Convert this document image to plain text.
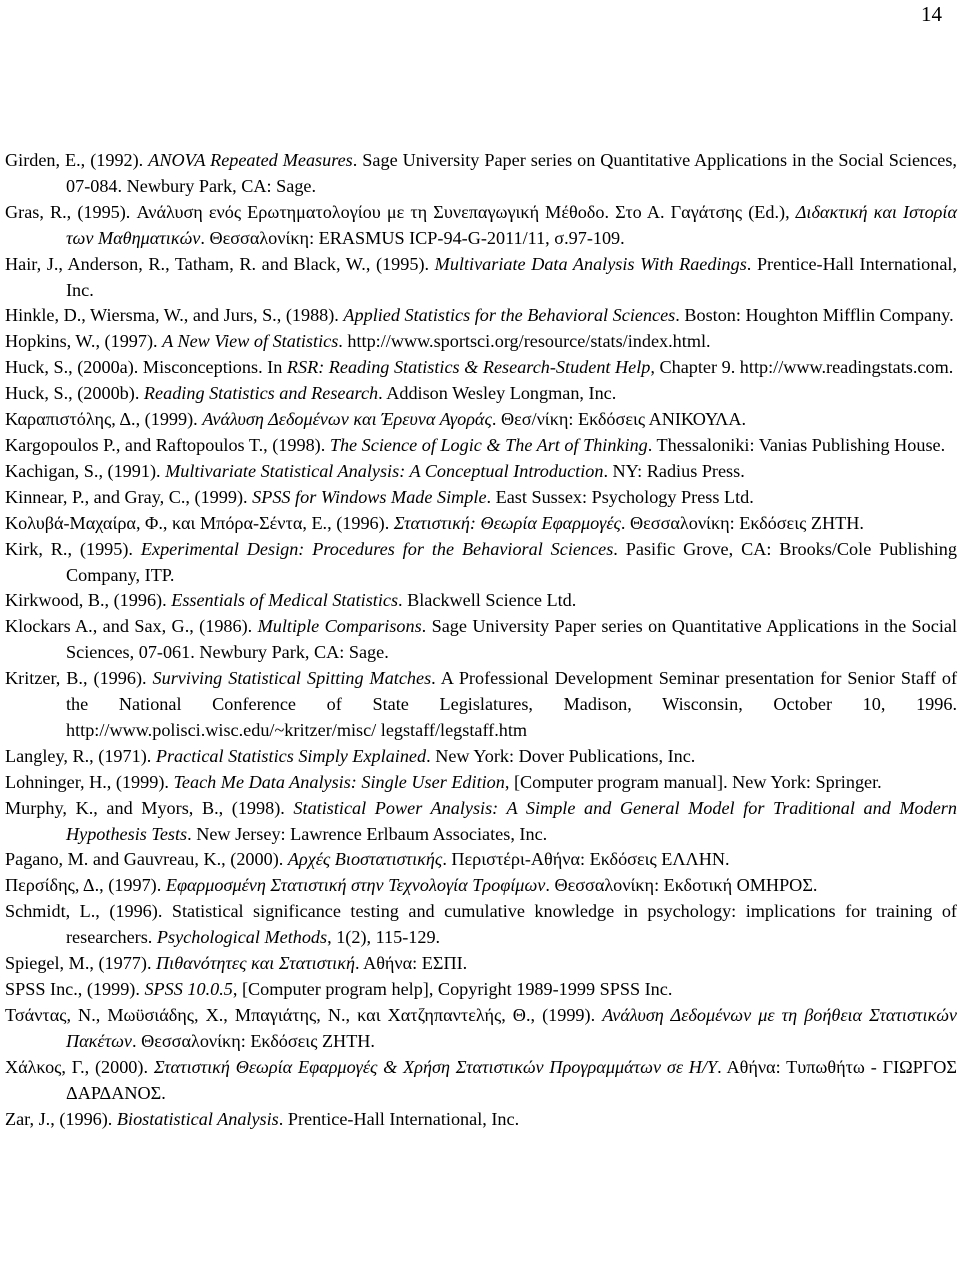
14

Girden, E., (1992). ANOVA Repeated Measures. Sage University Paper series on Quantitative Applications in the Social Sciences, 07-084. Newbury Park, CA: Sage.

Gras, R., (1995). Ανάλυση ενός Ερωτηματολογίου με τη Συνεπαγωγική Μέθοδο. Στο Α. Γαγάτσης (Ed.), Διδακτική και Ιστορία των Μαθηματικών. Θεσσαλονίκη: ERASMUS ICP-94-G-2011/11, σ.97-109.

Hair, J., Anderson, R., Tatham, R. and Black, W., (1995). Multivariate Data Analysis With Raedings. Prentice-Hall International, Inc.

Hinkle, D., Wiersma, W., and Jurs, S., (1988). Applied Statistics for the Behavioral Sciences. Boston: Houghton Mifflin Company.

Hopkins, W., (1997). A New View of Statistics. http://www.sportsci.org/resource/stats/index.html.

Huck, S., (2000a). Misconceptions. In RSR: Reading Statistics & Research-Student Help, Chapter 9. http://www.readingstats.com.

Huck, S., (2000b). Reading Statistics and Research. Addison Wesley Longman, Inc.

Καραπιστόλης, Δ., (1999). Ανάλυση Δεδομένων και Έρευνα Αγοράς. Θεσ/νίκη: Εκδόσεις ΑΝΙΚΟΥΛΑ.

Kargopoulos P., and Raftopoulos T., (1998). The Science of Logic & The Art of Thinking. Thessaloniki: Vanias Publishing House.

Kachigan, S., (1991). Multivariate Statistical Analysis: A Conceptual Introduction. NY: Radius Press.

Kinnear, P., and Gray, C., (1999). SPSS for Windows Made Simple. East Sussex: Psychology Press Ltd.

Κολυβά-Μαχαίρα, Φ., και Μπόρα-Σέντα, Ε., (1996). Στατιστική: Θεωρία Εφαρμογές. Θεσσαλονίκη: Εκδόσεις ΖΗΤΗ.

Kirk, R., (1995). Experimental Design: Procedures for the Behavioral Sciences. Pasific Grove, CA: Brooks/Cole Publishing Company, ITP.

Kirkwood, B., (1996). Essentials of Medical Statistics. Blackwell Science Ltd.

Klockars A., and Sax, G., (1986). Multiple Comparisons. Sage University Paper series on Quantitative Applications in the Social Sciences, 07-061. Newbury Park, CA: Sage.

Kritzer, B., (1996). Surviving Statistical Spitting Matches. A Professional Development Seminar presentation for Senior Staff of the National Conference of State Legislatures, Madison, Wisconsin, October 10, 1996. http://www.polisci.wisc.edu/~kritzer/misc/ legstaff/legstaff.htm

Langley, R., (1971). Practical Statistics Simply Explained. New York: Dover Publications, Inc.

Lohninger, H., (1999). Teach Me Data Analysis: Single User Edition, [Computer program manual]. New York: Springer.

Murphy, K., and Myors, B., (1998). Statistical Power Analysis: A Simple and General Model for Traditional and Modern Hypothesis Tests. New Jersey: Lawrence Erlbaum Associates, Inc.

Pagano, M. and Gauvreau, K., (2000). Αρχές Βιοστατιστικής. Περιστέρι-Αθήνα: Εκδόσεις ΕΛΛΗΝ.

Περσίδης, Δ., (1997). Εφαρμοσμένη Στατιστική στην Τεχνολογία Τροφίμων. Θεσσαλονίκη: Εκδοτική ΟΜΗΡΟΣ.

Schmidt, L., (1996). Statistical significance testing and cumulative knowledge in psychology: implications for training of researchers. Psychological Methods, 1(2), 115-129.

Spiegel, M., (1977). Πιθανότητες και Στατιστική. Αθήνα: ΕΣΠΙ.

SPSS Inc., (1999). SPSS 10.0.5, [Computer program help], Copyright 1989-1999 SPSS Inc.

Τσάντας, Ν., Μωϋσιάδης, Χ., Μπαγιάτης, Ν., και Χατζηπαντελής, Θ., (1999). Ανάλυση Δεδομένων με τη βοήθεια Στατιστικών Πακέτων. Θεσσαλονίκη: Εκδόσεις ΖΗΤΗ.

Χάλκος, Γ., (2000). Στατιστική Θεωρία Εφαρμογές & Χρήση Στατιστικών Προγραμμάτων σε Η/Υ. Αθήνα: Τυπωθήτω - ΓΙΩΡΓΟΣ ΔΑΡΔΑΝΟΣ.

Zar, J., (1996). Biostatistical Analysis. Prentice-Hall International, Inc.
